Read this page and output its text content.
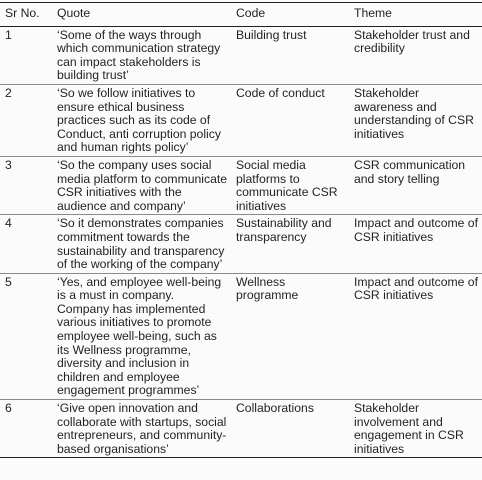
Sr No.	Quote	Code	Theme
1	‘Some of the ways through which communication strategy can impact stakeholders is building trust’	Building trust	Stakeholder trust and credibility
2	‘So we follow initiatives to ensure ethical business practices such as its code of Conduct, anti corruption policy and human rights policy’	Code of conduct	Stakeholder awareness and understanding of CSR initiatives
3	‘So the company uses social media platform to communicate CSR initiatives with the audience and company’	Social media platforms to communicate CSR initiatives	CSR communication and story telling
4	‘So it demonstrates companies commitment towards the sustainability and transparency of the working of the company’	Sustainability and transparency	Impact and outcome of CSR initiatives
5	‘Yes, and employee well-being is a must in company. Company has implemented various initiatives to promote employee well-being, such as its Wellness programme, diversity and inclusion in children and employee engagement programmes’	Wellness programme	Impact and outcome of CSR initiatives
6	‘Give open innovation and collaborate with startups, social entrepreneurs, and community-based organisations’	Collaborations	Stakeholder involvement and engagement in CSR initiatives
